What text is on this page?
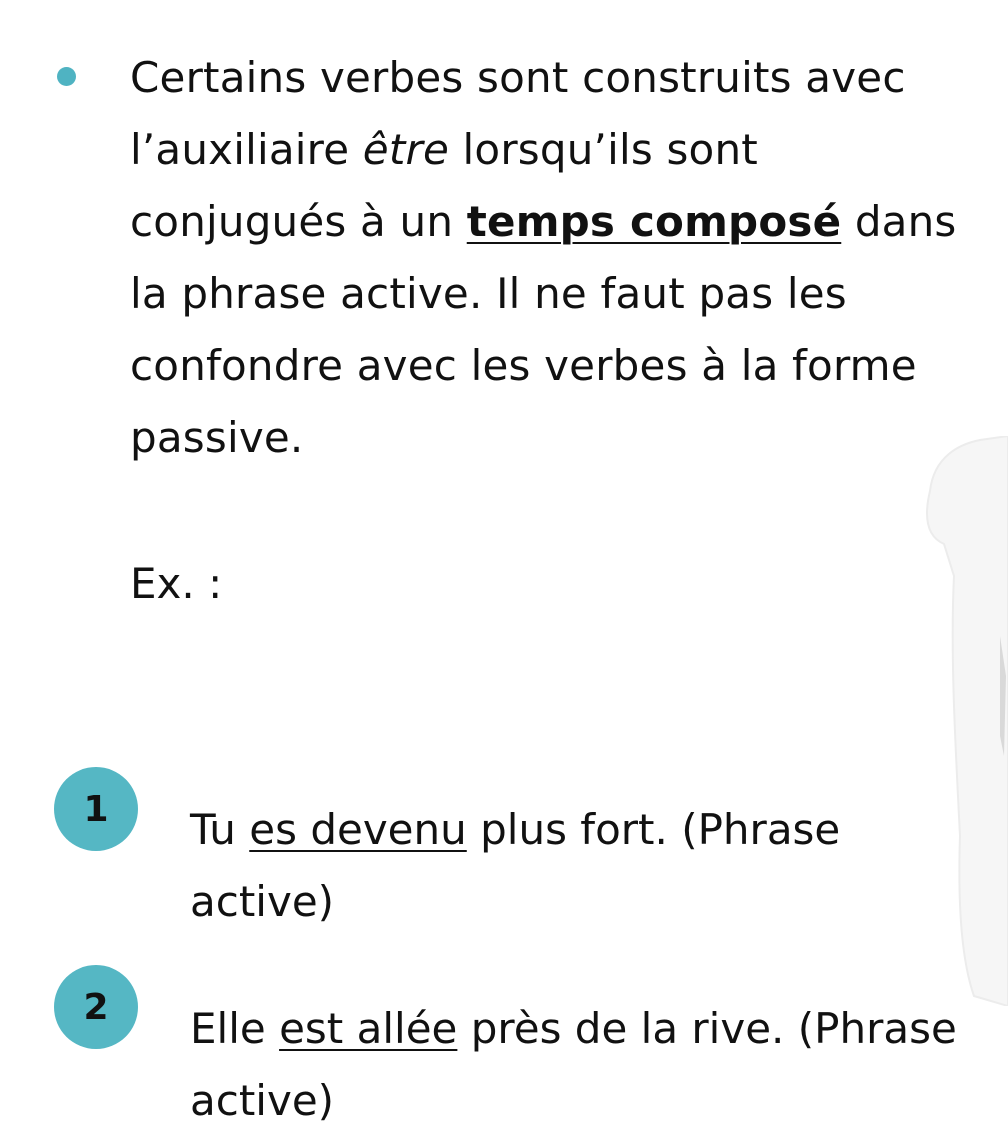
Certains verbes sont construits avec
l’auxiliaire être lorsqu’ils sont
conjugués à un temps composé dans
la phrase active. Il ne faut pas les
confondre avec les verbes à la forme
passive.
Ex. :
1	Tu es devenu plus fort. (Phrase
active)
2	Elle est allée près de la rive. (Phrase
active)
